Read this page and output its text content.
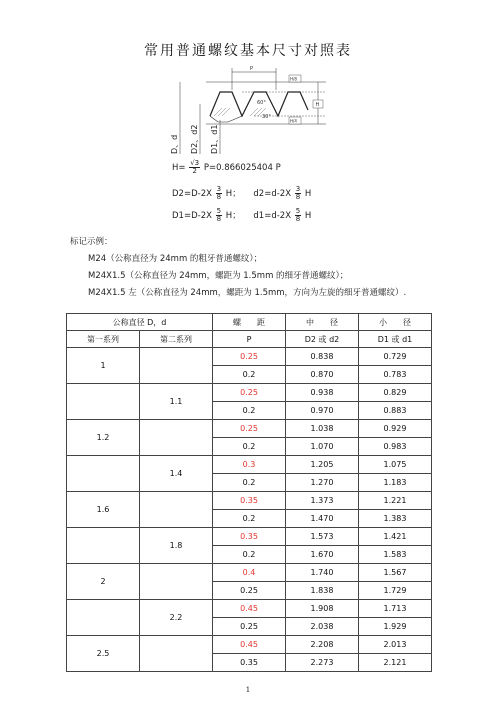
常用普通螺纹基本尺寸对照表
P
H
H/8
H/4
60°
30°
D、d D2、d2 D1、d1
$H= \frac{√3}{2} P=0.866025404$ P
$D2=D-2X \frac{3}{8}$ H； $d2=d-2X \frac{3}{8}$ H
$D1=D-2X \frac{5}{8}$ H； $d1=d-2X \frac{5}{8}$ H
标记示例：
M24（公称直径为 24mm 的粗牙普通螺纹）；
M24X1.5（公称直径为 24mm，螺距为 1.5mm 的细牙普通螺纹）；
M24X1.5 左（公称直径为 24mm，螺距为 1.5mm，方向为左旋的细牙普通螺纹）.
公称直径 D，d		螺　　距	中　　径	小　　径
第一系列	第二系列	P	D2 或 d2	D1 或 d1
1		0.25	0.838	0.729
		0.2	0.870	0.783
	1.1	0.25	0.938	0.829
		0.2	0.970	0.883
1.2		0.25	1.038	0.929
		0.2	1.070	0.983
	1.4	0.3	1.205	1.075
		0.2	1.270	1.183
1.6		0.35	1.373	1.221
		0.2	1.470	1.383
	1.8	0.35	1.573	1.421
		0.2	1.670	1.583
2		0.4	1.740	1.567
		0.25	1.838	1.729
	2.2	0.45	1.908	1.713
		0.25	2.038	1.929
2.5		0.45	2.208	2.013
		0.35	2.273	2.121
1
